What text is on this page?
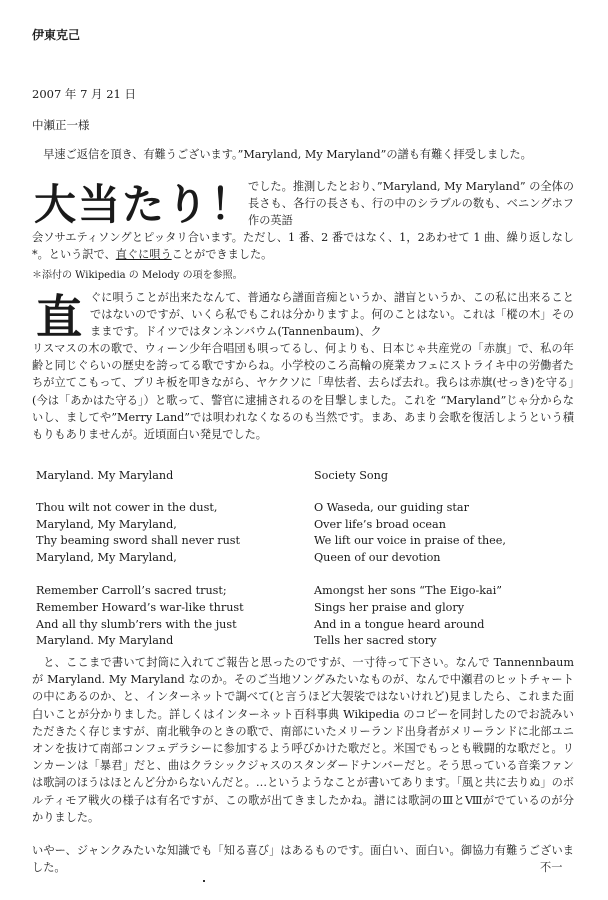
伊東克己
2007 年 7 月 21 日
中瀬正一様
早速ご返信を頂き、有難うございます。”Maryland, My Maryland”の譜も有難く拝受しました。
大当たり！
でした。推測したとおり、”Maryland, My Maryland” の全体の長さも、各行の長さも、行の中のシラブルの数も、ベニングホフ作の英語
会ソサエティソングとピッタリ合います。ただし、1 番、2 番ではなく、1，2あわせて 1 曲、繰り返しなし*。という訳で、直ぐに唄うことができました。
＊添付の Wikipedia の Melody の項を参照。
直 ぐに唄うことが出来たなんて、普通なら譜面音痴というか、譜盲というか、この私に出来ることではないのですが、いくら私でもこれは分かりますよ。何のことはない。これは「樅の木」そのままです。ドイツではタンネンバウム(Tannenbaum)、ク
リスマスの木の歌で、ウィーン少年合唱団も唄ってるし、何よりも、日本じゃ共産党の「赤旗」で、私の年齢と同じぐらいの歴史を誇ってる歌ですからね。小学校のころ高輪の廃業カフェにストライキ中の労働者たちが立てこもって、ブリキ板を叩きながら、ヤケクソに「卑怯者、去らば去れ。我らは赤旗(せっき)を守る」(今は「あかはた守る」）と歌って、警官に逮捕されるのを目撃しました。これを “Maryland”じゃ分からないし、ましてや”Merry Land”では唄われなくなるのも当然です。まあ、あまり会歌を復活しようという積もりもありませんが。近頃面白い発見でした。
Maryland. My Maryland
Thou wilt not cower in the dust,
Maryland, My Maryland,
Thy beaming sword shall never rust
Maryland, My Maryland,
Remember Carroll’s sacred trust;
Remember Howard’s war-like thrust
And all thy slumb’rers with the just
Maryland. My Maryland
Society Song
O Waseda, our guiding star
Over life’s broad ocean
We lift our voice in praise of thee,
Queen of our devotion
Amongst her sons “The Eigo-kai”
Sings her praise and glory
And in a tongue heard around
Tells her sacred story
と、ここまで書いて封筒に入れてご報告と思ったのですが、一寸待って下さい。なんで Tannennbaum が Maryland. My Maryland なのか。そのご当地ソングみたいなものが、なんで中瀬君のヒットチャートの中にあるのか、と、インターネットで調べて(と言うほど大袈裟ではないけれど)見ましたら、これまた面白いことが分かりました。詳しくはインターネット百科事典 Wikipedia のコピーを同封したのでお読みいただきたく存じますが、南北戦争のときの歌で、南部にいたメリーランド出身者がメリーランドに北部ユニオンを抜けて南部コンフェデラシーに参加するよう呼びかけた歌だと。米国でもっとも戦闘的な歌だと。リンカーンは「暴君」だと、曲はクラシックジャスのスタンダードナンバーだと。そう思っている音楽ファンは歌詞のほうはほとんど分からないんだと。…というようなことが書いてあります。「風と共に去りぬ」のボルティモア戦火の様子は有名ですが、この歌が出てきましたかね。譜には歌詞のⅢとⅧがでているのが分かりました。
いやー、ジャンクみたいな知識でも「知る喜び」はあるものです。面白い、面白い。御協力有難うございました。	不一
